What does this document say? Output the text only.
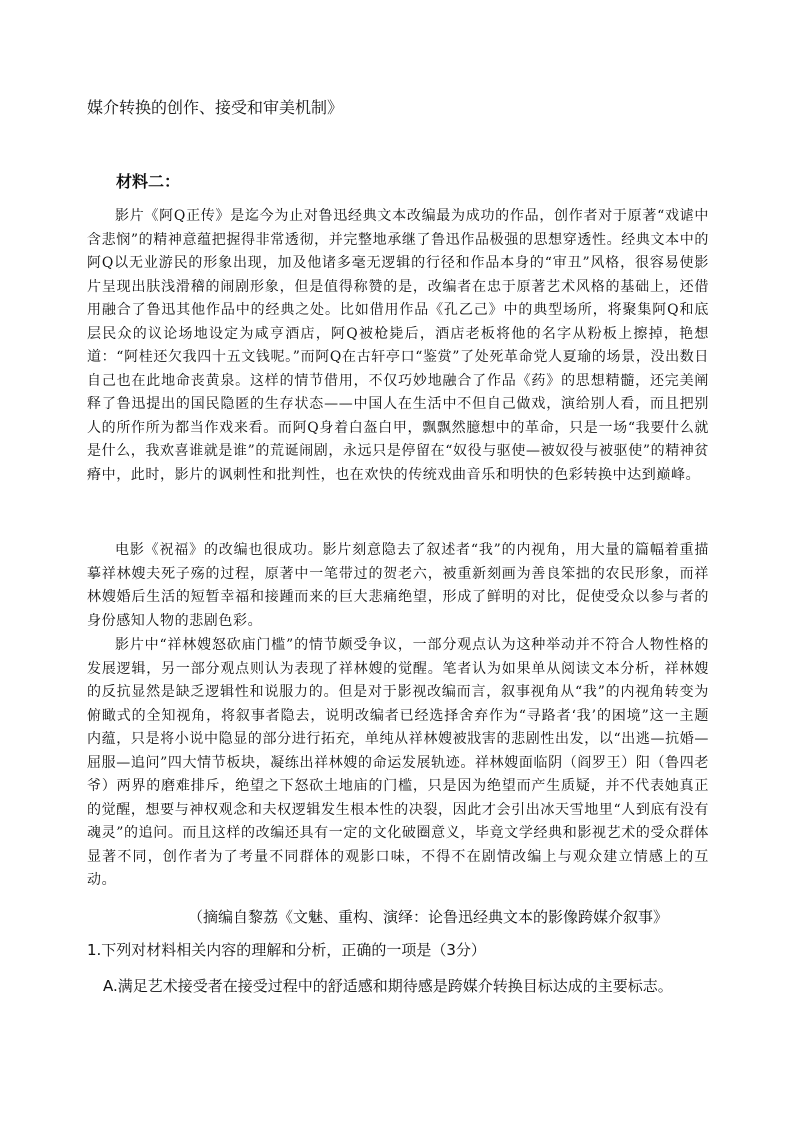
媒介转换的创作、接受和审美机制》
材料二：

影片《阿Q正传》是迄今为止对鲁迅经典文本改编最为成功的作品，创作者对于原著“戏谑中含悲悯”的精神意蕴把握得非常透彻，并完整地承继了鲁迅作品极强的思想穿透性。经典文本中的阿Q以无业游民的形象出现，加及他诸多毫无逻辑的行径和作品本身的“审丑”风格，很容易使影片呈现出肤浅滑稽的闹剧形象，但是值得称赞的是，改编者在忠于原著艺术风格的基础上，还借用融合了鲁迅其他作品中的经典之处。比如借用作品《孔乙己》中的典型场所，将聚集阿Q和底层民众的议论场地设定为咸亨酒店，阿Q被枪毙后，酒店老板将他的名字从粉板上擦掉，艳想道：“阿桂还欠我四十五文钱呢。”而阿Q在古轩亭口“鉴赏”了处死革命党人夏瑜的场景，没出数日自己也在此地命丧黄泉。这样的情节借用，不仅巧妙地融合了作品《药》的思想精髓，还完美阐释了鲁迅提出的国民隐匿的生存状态——中国人在生活中不但自己做戏，演给别人看，而且把别人的所作所为都当作戏来看。而阿Q身着白盔白甲，飘飘然臆想中的革命，只是一场“我要什么就是什么，我欢喜谁就是谁”的荒诞闹剧，永远只是停留在“奴役与驱使—被奴役与被驱使”的精神贫瘠中，此时，影片的讽刺性和批判性，也在欢快的传统戏曲音乐和明快的色彩转换中达到巅峰。

电影《祝福》的改编也很成功。影片刻意隐去了叙述者“我”的内视角，用大量的篇幅着重描摹祥林嫂夫死子殇的过程，原著中一笔带过的贺老六，被重新刻画为善良笨拙的农民形象，而祥林嫂婚后生活的短暂幸福和接踵而来的巨大悲痛绝望，形成了鲜明的对比，促使受众以参与者的身份感知人物的悲剧色彩。

影片中“祥林嫂怒砍庙门槛”的情节颇受争议，一部分观点认为这种举动并不符合人物性格的发展逻辑，另一部分观点则认为表现了祥林嫂的觉醒。笔者认为如果单从阅读文本分析，祥林嫂的反抗显然是缺乏逻辑性和说服力的。但是对于影视改编而言，叙事视角从“我”的内视角转变为俯瞰式的全知视角，将叙事者隐去，说明改编者已经选择舍弃作为“寻路者‘我’的困境”这一主题内蕴，只是将小说中隐显的部分进行拓充，单纯从祥林嫂被戕害的悲剧性出发，以“出逃—抗婚—屈服—追问”四大情节板块，凝练出祥林嫂的命运发展轨迹。祥林嫂面临阴（阎罗王）阳（鲁四老爷）两界的磨难排斥，绝望之下怒砍土地庙的门槛，只是因为绝望而产生质疑，并不代表她真正的觉醒，想要与神权观念和夫权逻辑发生根本性的决裂，因此才会引出冰天雪地里“人到底有没有魂灵”的追问。而且这样的改编还具有一定的文化破圈意义，毕竟文学经典和影视艺术的受众群体显著不同，创作者为了考量不同群体的观影口味，不得不在剧情改编上与观众建立情感上的互动。

（摘编自黎荔《文魅、重构、演绎：论鲁迅经典文本的影像跨媒介叙事》
1.下列对材料相关内容的理解和分析，正确的一项是（3分）
A.满足艺术接受者在接受过程中的舒适感和期待感是跨媒介转换目标达成的主要标志。
